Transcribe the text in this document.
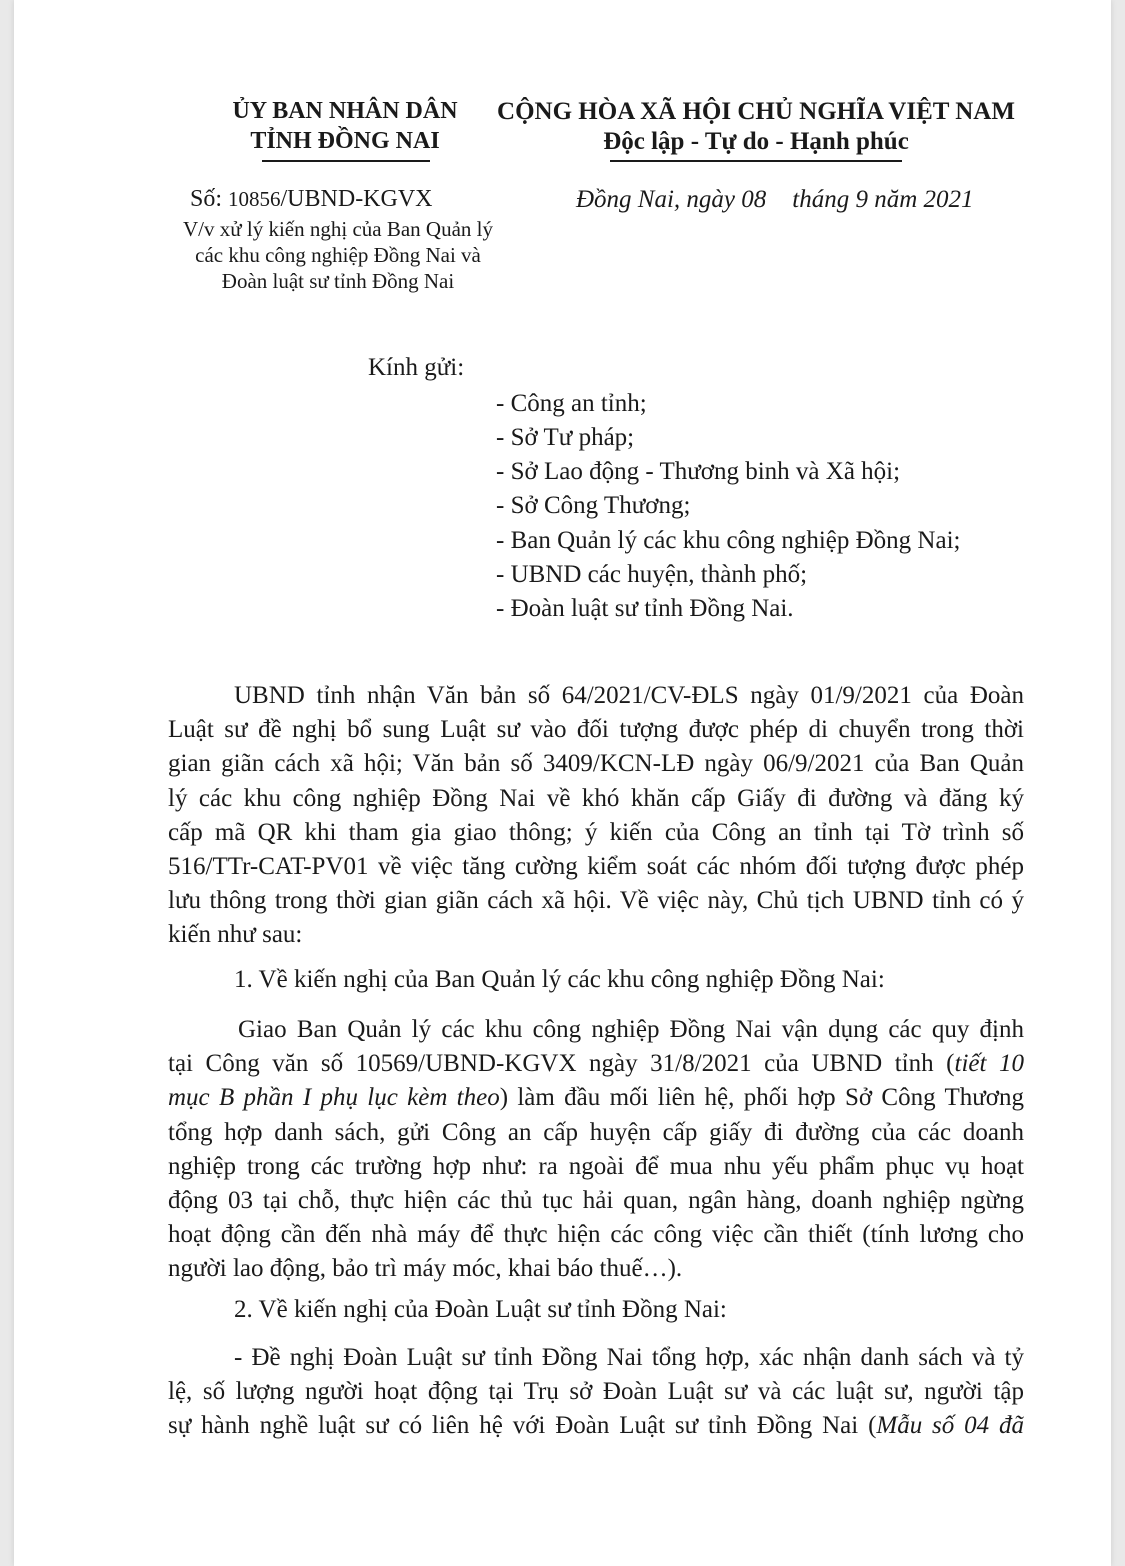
ỦY BAN NHÂN DÂN
TỈNH ĐỒNG NAI
CỘNG HÒA XÃ HỘI CHỦ NGHĨA VIỆT NAM
Độc lập - Tự do - Hạnh phúc
Số: 10856/UBND-KGVX
V/v xử lý kiến nghị của Ban Quản lý
các khu công nghiệp Đồng Nai và
Đoàn luật sư tỉnh Đồng Nai
Đồng Nai, ngày 08 tháng 9 năm 2021
Kính gửi:
- Công an tỉnh;
- Sở Tư pháp;
- Sở Lao động - Thương binh và Xã hội;
- Sở Công Thương;
- Ban Quản lý các khu công nghiệp Đồng Nai;
- UBND các huyện, thành phố;
- Đoàn luật sư tỉnh Đồng Nai.
UBND tỉnh nhận Văn bản số 64/2021/CV-ĐLS ngày 01/9/2021 của Đoàn
Luật sư đề nghị bổ sung Luật sư vào đối tượng được phép di chuyển trong thời
gian giãn cách xã hội; Văn bản số 3409/KCN-LĐ ngày 06/9/2021 của Ban Quản
lý các khu công nghiệp Đồng Nai về khó khăn cấp Giấy đi đường và đăng ký
cấp mã QR khi tham gia giao thông; ý kiến của Công an tỉnh tại Tờ trình số
516/TTr-CAT-PV01 về việc tăng cường kiểm soát các nhóm đối tượng được phép
lưu thông trong thời gian giãn cách xã hội. Về việc này, Chủ tịch UBND tỉnh có ý
kiến như sau:
1. Về kiến nghị của Ban Quản lý các khu công nghiệp Đồng Nai:
Giao Ban Quản lý các khu công nghiệp Đồng Nai vận dụng các quy định
tại Công văn số 10569/UBND-KGVX ngày 31/8/2021 của UBND tỉnh (tiết 10
mục B phần I phụ lục kèm theo) làm đầu mối liên hệ, phối hợp Sở Công Thương
tổng hợp danh sách, gửi Công an cấp huyện cấp giấy đi đường của các doanh
nghiệp trong các trường hợp như: ra ngoài để mua nhu yếu phẩm phục vụ hoạt
động 03 tại chỗ, thực hiện các thủ tục hải quan, ngân hàng, doanh nghiệp ngừng
hoạt động cần đến nhà máy để thực hiện các công việc cần thiết (tính lương cho
người lao động, bảo trì máy móc, khai báo thuế…).
2. Về kiến nghị của Đoàn Luật sư tỉnh Đồng Nai:
- Đề nghị Đoàn Luật sư tỉnh Đồng Nai tổng hợp, xác nhận danh sách và tỷ
lệ, số lượng người hoạt động tại Trụ sở Đoàn Luật sư và các luật sư, người tập
sự hành nghề luật sư có liên hệ với Đoàn Luật sư tỉnh Đồng Nai (Mẫu số 04 đã
